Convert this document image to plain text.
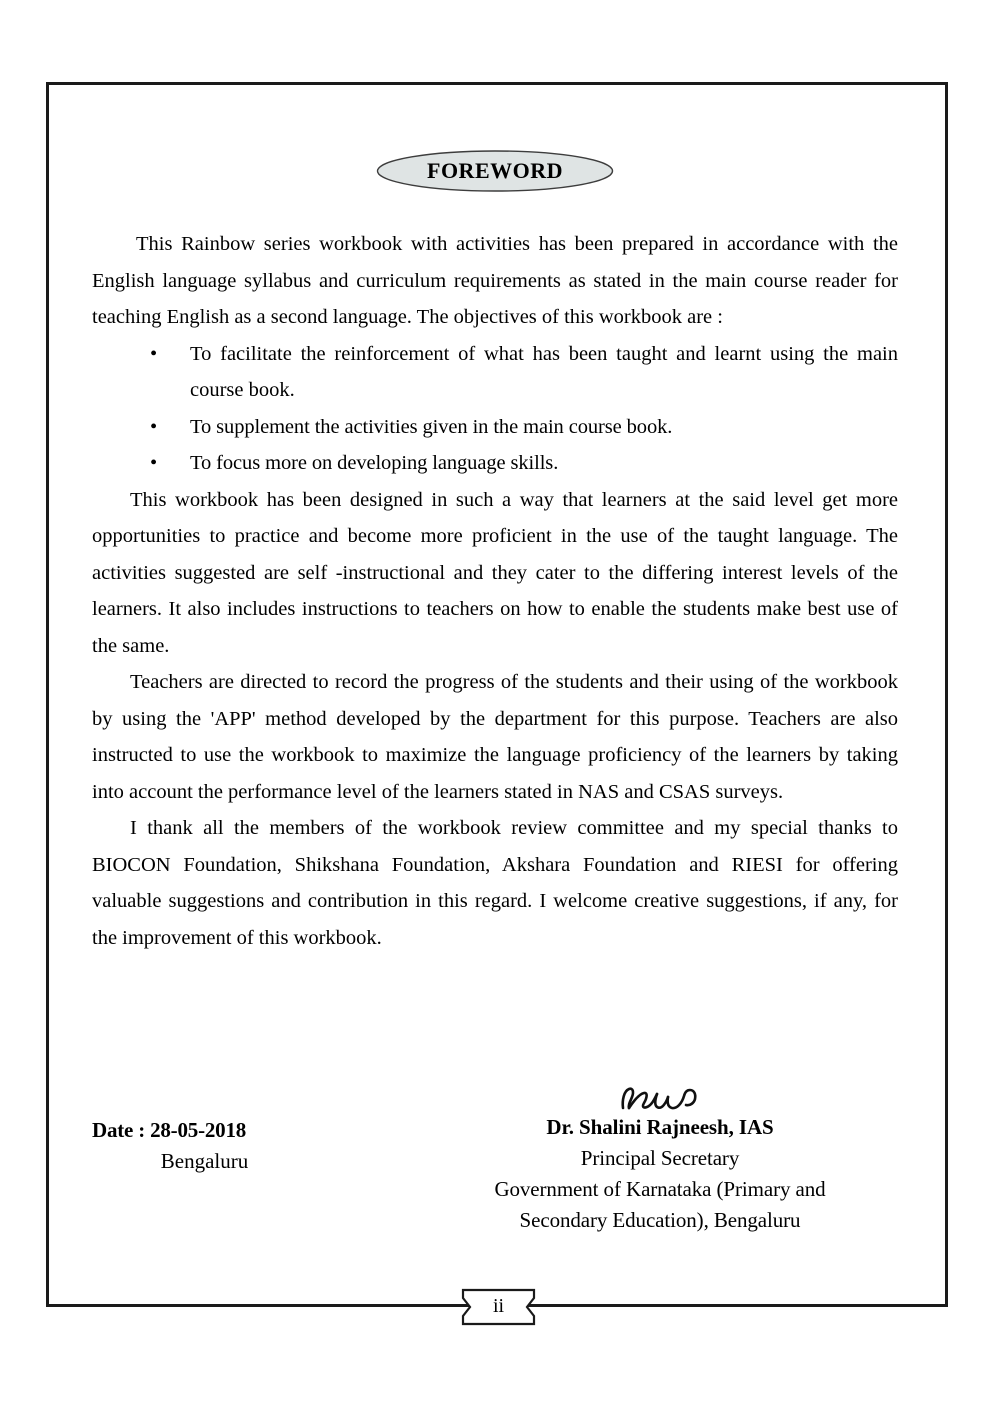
FOREWORD

This Rainbow series workbook with activities has been prepared in accordance with the English language syllabus and curriculum requirements as stated in the main course reader for teaching English as a second language. The objectives of this workbook are :

• To facilitate the reinforcement of what has been taught and learnt using the main course book.
• To supplement the activities given in the main course book.
• To focus more on developing language skills.

This workbook has been designed in such a way that learners at the said level get more opportunities to practice and become more proficient in the use of the taught language. The activities suggested are self -instructional and they cater to the differing interest levels of the learners. It also includes instructions to teachers on how to enable the students make best use of the same.

Teachers are directed to record the progress of the students and their using of the workbook by using the 'APP' method developed by the department for this purpose. Teachers are also instructed to use the workbook to maximize the language proficiency of the learners by taking into account the performance level of the learners stated in NAS and CSAS surveys.

I thank all the members of the workbook review committee and my special thanks to BIOCON Foundation, Shikshana Foundation, Akshara Foundation and RIESI for offering valuable suggestions and contribution in this regard. I welcome creative suggestions, if any, for the improvement of this workbook.

Date : 28-05-2018
Bengaluru
Dr. Shalini Rajneesh, IAS
Principal Secretary
Government of Karnataka (Primary and
Secondary Education), Bengaluru
ii
